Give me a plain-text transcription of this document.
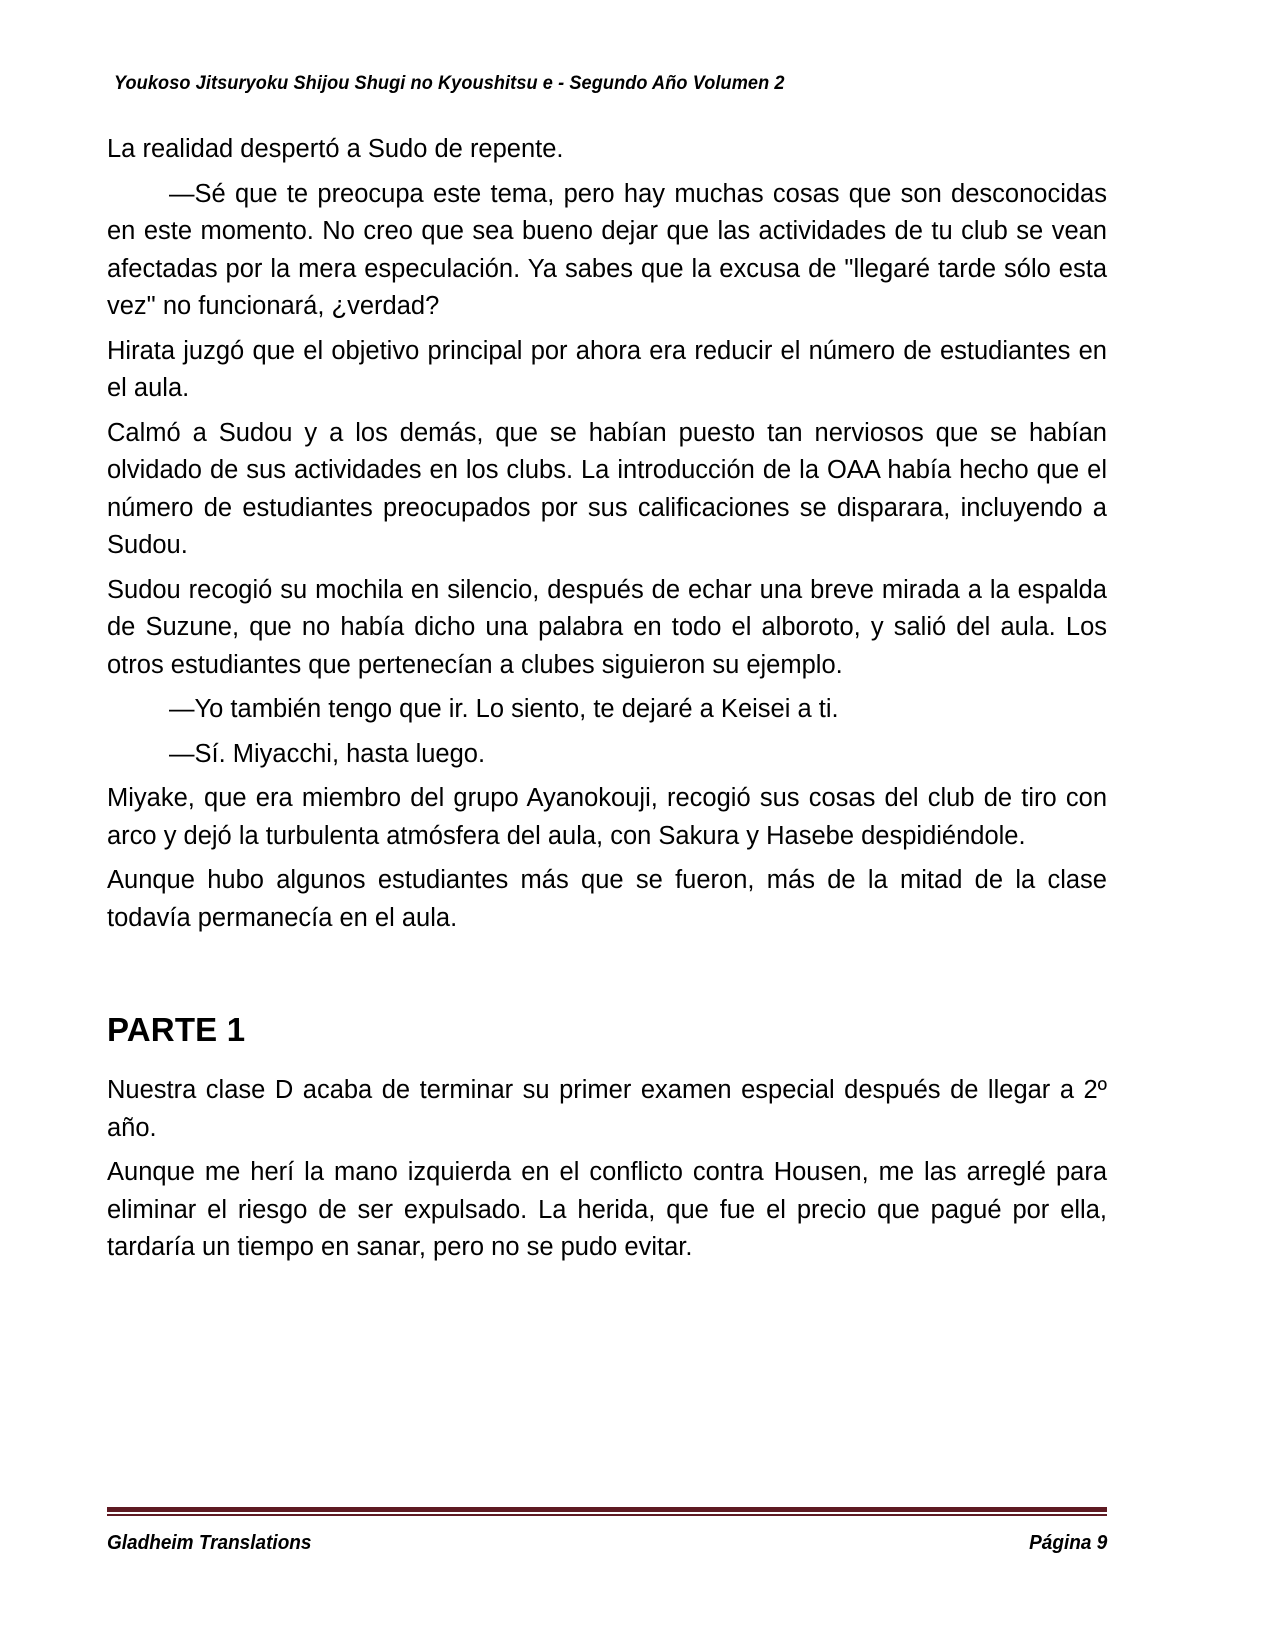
Youkoso Jitsuryoku Shijou Shugi no Kyoushitsu e - Segundo Año Volumen 2

La realidad despertó a Sudo de repente.

—Sé que te preocupa este tema, pero hay muchas cosas que son desconocidas en este momento. No creo que sea bueno dejar que las actividades de tu club se vean afectadas por la mera especulación. Ya sabes que la excusa de "llegaré tarde sólo esta vez" no funcionará, ¿verdad?

Hirata juzgó que el objetivo principal por ahora era reducir el número de estudiantes en el aula.

Calmó a Sudou y a los demás, que se habían puesto tan nerviosos que se habían olvidado de sus actividades en los clubs. La introducción de la OAA había hecho que el número de estudiantes preocupados por sus calificaciones se disparara, incluyendo a Sudou.

Sudou recogió su mochila en silencio, después de echar una breve mirada a la espalda de Suzune, que no había dicho una palabra en todo el alboroto, y salió del aula. Los otros estudiantes que pertenecían a clubes siguieron su ejemplo.

—Yo también tengo que ir. Lo siento, te dejaré a Keisei a ti.

—Sí. Miyacchi, hasta luego.

Miyake, que era miembro del grupo Ayanokouji, recogió sus cosas del club de tiro con arco y dejó la turbulenta atmósfera del aula, con Sakura y Hasebe despidiéndole.

Aunque hubo algunos estudiantes más que se fueron, más de la mitad de la clase todavía permanecía en el aula.

PARTE 1

Nuestra clase D acaba de terminar su primer examen especial después de llegar a 2º año.

Aunque me herí la mano izquierda en el conflicto contra Housen, me las arreglé para eliminar el riesgo de ser expulsado. La herida, que fue el precio que pagué por ella, tardaría un tiempo en sanar, pero no se pudo evitar.

Gladheim Translations	Página 9
